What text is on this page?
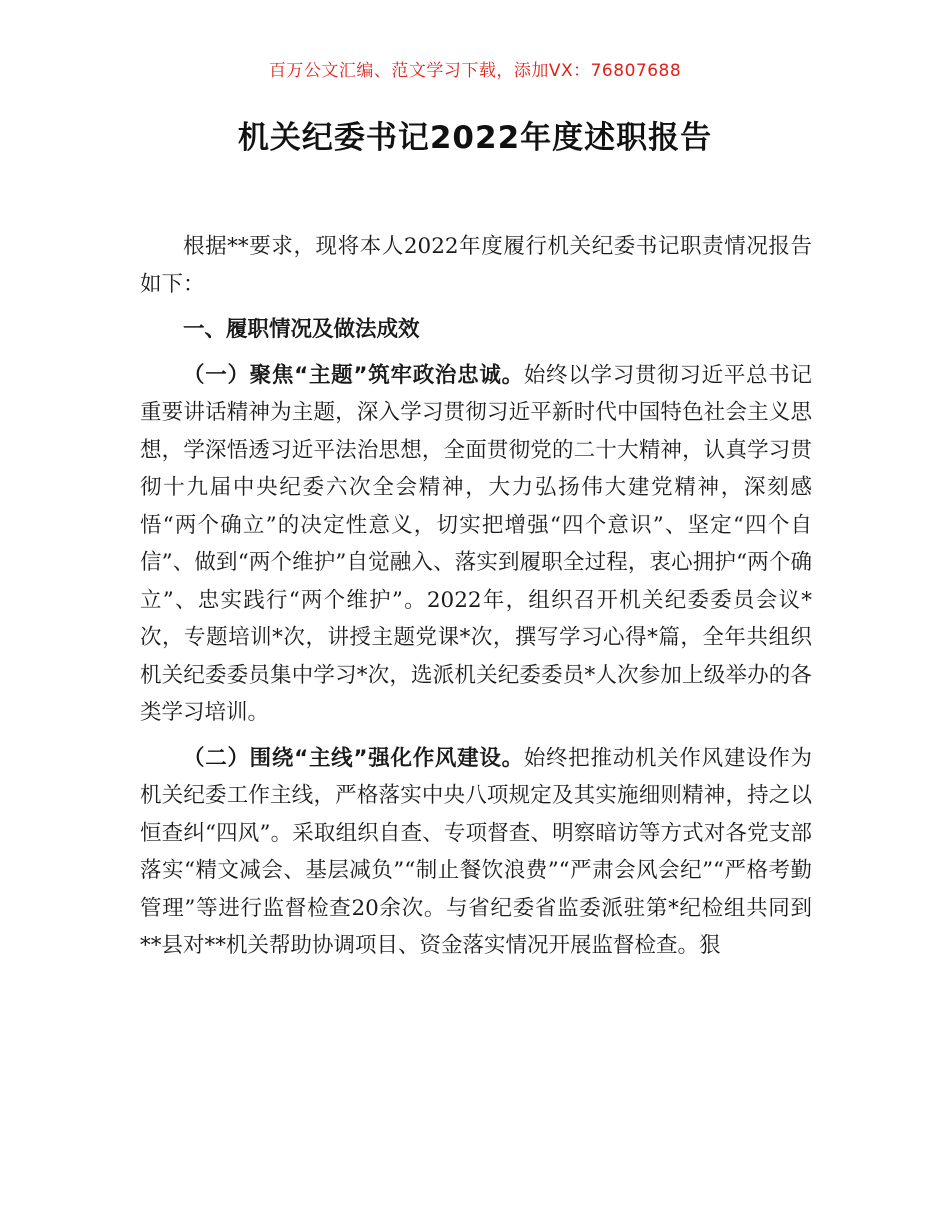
百万公文汇编、范文学习下载，添加VX：76807688
机关纪委书记2022年度述职报告

根据**要求，现将本人2022年度履行机关纪委书记职责情况报告如下：

一、履职情况及做法成效

（一）聚焦“主题”筑牢政治忠诚。始终以学习贯彻习近平总书记重要讲话精神为主题，深入学习贯彻习近平新时代中国特色社会主义思想，学深悟透习近平法治思想，全面贯彻党的二十大精神，认真学习贯彻十九届中央纪委六次全会精神，大力弘扬伟大建党精神，深刻感悟“两个确立”的决定性意义，切实把增强“四个意识”、坚定“四个自信”、做到“两个维护”自觉融入、落实到履职全过程，衷心拥护“两个确立”、忠实践行“两个维护”。2022年，组织召开机关纪委委员会议*次，专题培训*次，讲授主题党课*次，撰写学习心得*篇，全年共组织机关纪委委员集中学习*次，选派机关纪委委员*人次参加上级举办的各类学习培训。

（二）围绕“主线”强化作风建设。始终把推动机关作风建设作为机关纪委工作主线，严格落实中央八项规定及其实施细则精神，持之以恒查纠“四风”。采取组织自查、专项督查、明察暗访等方式对各党支部落实“精文减会、基层减负”“制止餐饮浪费”“严肃会风会纪”“严格考勤管理”等进行监督检查20余次。与省纪委省监委派驻第*纪检组共同到**县对**机关帮助协调项目、资金落实情况开展监督检查。狠
